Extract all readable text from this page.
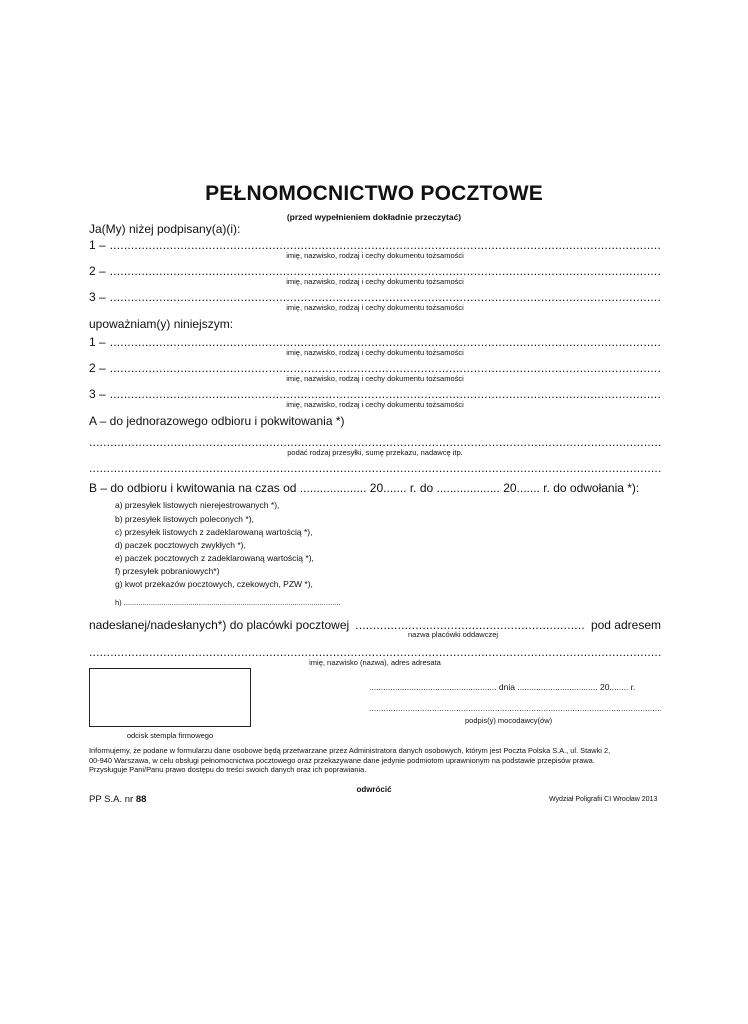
PEŁNOMOCNICTWO POCZTOWE
(przed wypełnieniem dokładnie przeczytać)
Ja(My) niżej podpisany(a)(i):
1 –
.....
imię, nazwisko, rodzaj i cechy dokumentu tożsamości
2 –
.....
imię, nazwisko, rodzaj i cechy dokumentu tożsamości
3 –
.....
imię, nazwisko, rodzaj i cechy dokumentu tożsamości
upoważniam(y) niniejszym:
1 –
.....
imię, nazwisko, rodzaj i cechy dokumentu tożsamości
2 –
.....
imię, nazwisko, rodzaj i cechy dokumentu tożsamości
3 –
.....
imię, nazwisko, rodzaj i cechy dokumentu tożsamości
A – do jednorazowego odbioru i pokwitowania *)
.....
podać rodzaj przesyłki, sumę przekazu, nadawcę itp.
.....
B – do odbioru i kwitowania na czas od .................... 20....... r. do ................... 20....... r. do odwołania *):
a) przesyłek listowych nierejestrowanych *),
b) przesyłek listowych poleconych *),
c) przesyłek listowych z zadeklarowaną wartością *),
d) paczek pocztowych zwykłych *),
e) paczek pocztowych z zadeklarowaną wartością *),
f) przesyłek pobraniowych*)
g) kwot przekazów pocztowych, czekowych, PZW *),
h) ........................................................................................................
nadesłanej/nadesłanych*) do placówki pocztowej
.....	pod adresem
nazwa placówki oddawczej
.....
imię, nazwisko (nazwa), adres adresata
odcisk stempla firmowego
...................................................... dnia .................................. 20........ r.
.....
podpis(y) mocodawcy(ów)
Informujemy, że podane w formularzu dane osobowe będą przetwarzane przez Administratora danych osobowych, którym jest Poczta Polska S.A., ul. Stawki 2,
00-940 Warszawa, w celu obsługi pełnomocnictwa pocztowego oraz przekazywane dane jedynie podmiotom uprawnionym na podstawie przepisów prawa.
Przysługuje Pani/Panu prawo dostępu do treści swoich danych oraz ich poprawiania.
odwrócić
PP S.A. nr 88	Wydział Poligrafii CI Wrocław 2013
